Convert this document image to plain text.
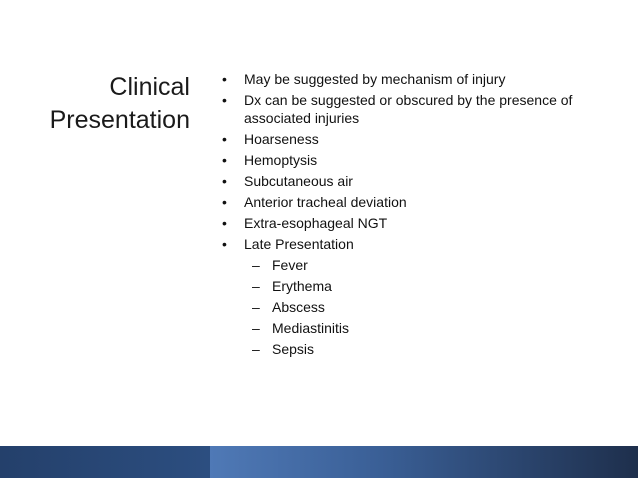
Clinical
Presentation
• May be suggested by mechanism of injury
• Dx can be suggested or obscured by the presence of associated injuries
• Hoarseness
• Hemoptysis
• Subcutaneous air
• Anterior tracheal deviation
• Extra-esophageal NGT
• Late Presentation
– Fever
– Erythema
– Abscess
– Mediastinitis
– Sepsis
